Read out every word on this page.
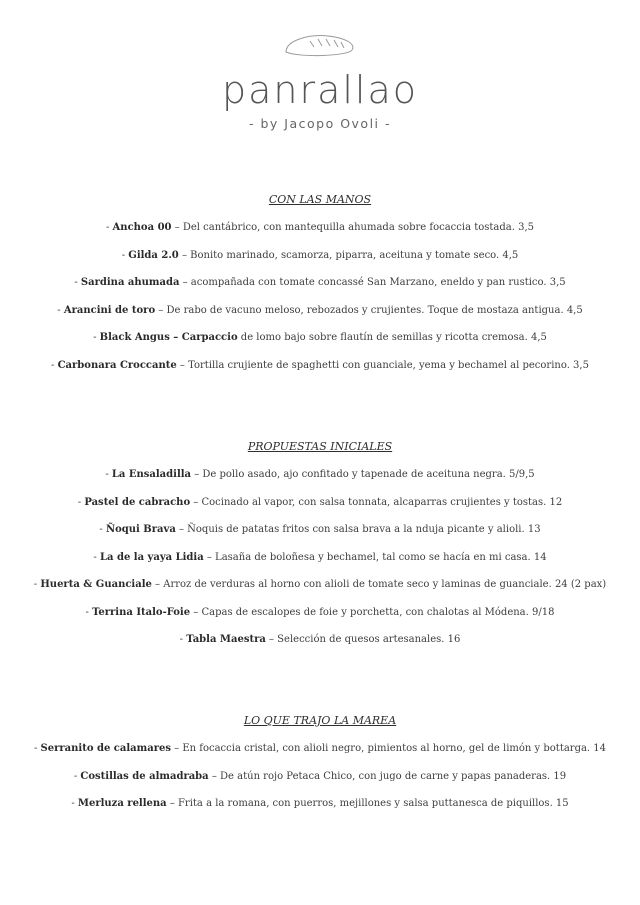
panrallao
- by Jacopo Ovoli -
CON LAS MANOS
- Anchoa 00 – Del cantábrico, con mantequilla ahumada sobre focaccia tostada. 3,5
- Gilda 2.0 – Bonito marinado, scamorza, piparra, aceituna y tomate seco. 4,5
- Sardina ahumada – acompañada con tomate concassé San Marzano, eneldo y pan rustico. 3,5
- Arancini de toro – De rabo de vacuno meloso, rebozados y crujientes. Toque de mostaza antigua. 4,5
- Black Angus – Carpaccio de lomo bajo sobre flautín de semillas y ricotta cremosa. 4,5
- Carbonara Croccante – Tortilla crujiente de spaghetti con guanciale, yema y bechamel al pecorino. 3,5
PROPUESTAS INICIALES
- La Ensaladilla – De pollo asado, ajo confitado y tapenade de aceituna negra. 5/9,5
- Pastel de cabracho – Cocinado al vapor, con salsa tonnata, alcaparras crujientes y tostas. 12
- Ñoqui Brava – Ñoquis de patatas fritos con salsa brava a la nduja picante y alioli. 13
- La de la yaya Lidia – Lasaña de boloñesa y bechamel, tal como se hacía en mi casa. 14
- Huerta & Guanciale – Arroz de verduras al horno con alioli de tomate seco y laminas de guanciale. 24 (2 pax)
- Terrina Italo-Foie – Capas de escalopes de foie y porchetta, con chalotas al Módena. 9/18
- Tabla Maestra – Selección de quesos artesanales. 16
LO QUE TRAJO LA MAREA
- Serranito de calamares – En focaccia cristal, con alioli negro, pimientos al horno, gel de limón y bottarga. 14
- Costillas de almadraba – De atún rojo Petaca Chico, con jugo de carne y papas panaderas. 19
- Merluza rellena – Frita a la romana, con puerros, mejillones y salsa puttanesca de piquillos. 15
